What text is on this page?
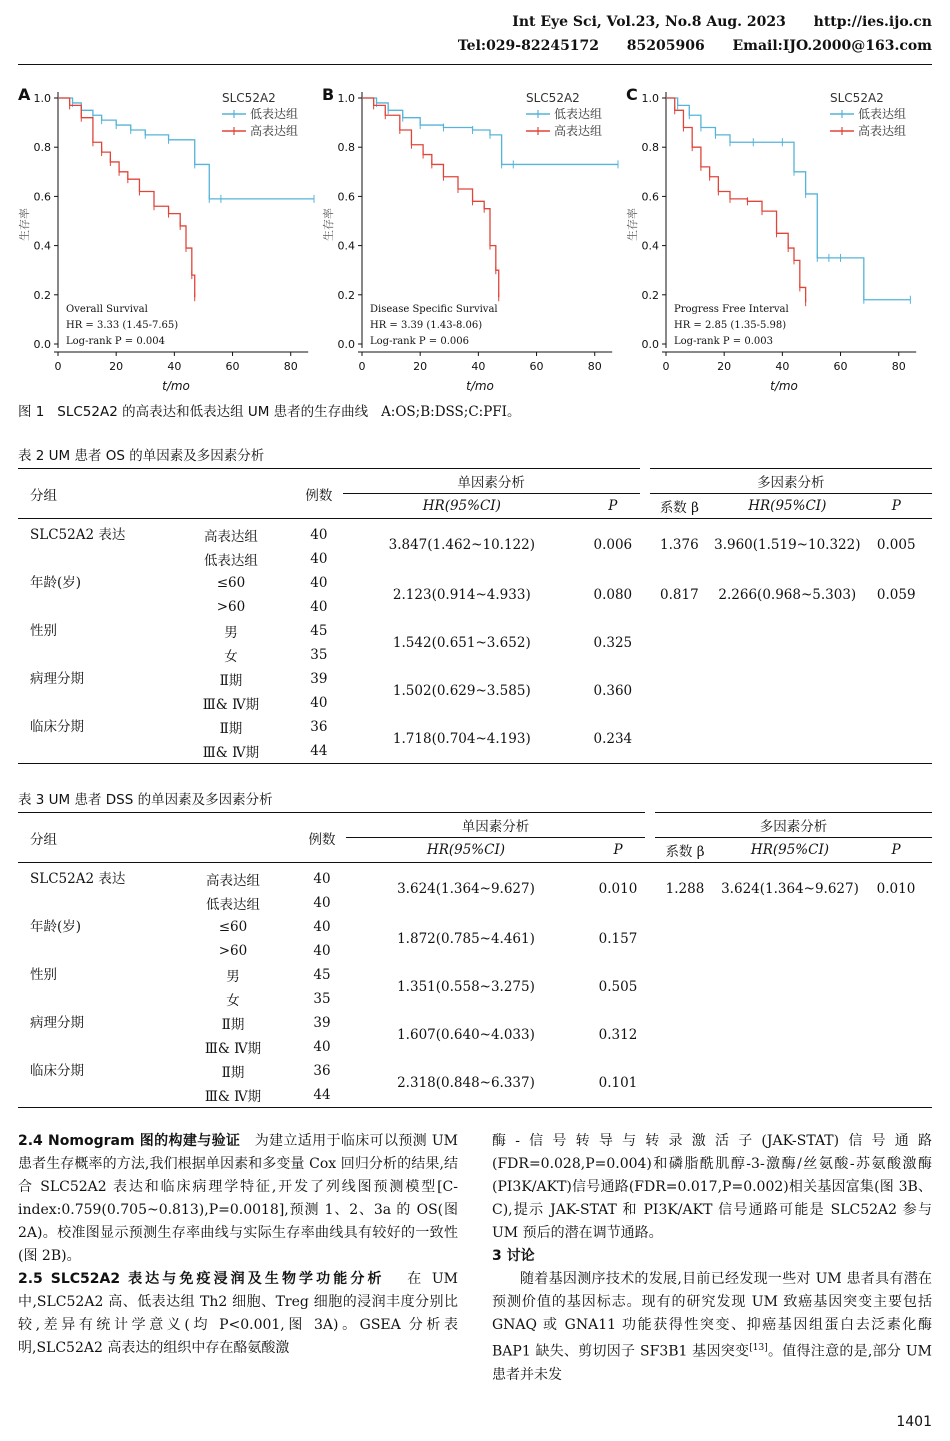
Int Eye Sci, Vol.23, No.8 Aug. 2023 http://ies.ijo.cn
Tel:029-82245172 85205906 Email:IJO.2000@163.com
A
0.0
0.2
0.4
0.6
0.8
1.0
0	20	40	60	80
t/mo
生存率
SLC52A2
低表达组
高表达组
Overall Survival
HR = 3.33 (1.45-7.65)
Log-rank P = 0.004
B
0.0
0.2
0.4
0.6
0.8
1.0
0	20	40	60	80
t/mo
生存率
SLC52A2
低表达组
高表达组
Disease Specific Survival
HR = 3.39 (1.43-8.06)
Log-rank P = 0.006
C
0.0
0.2
0.4
0.6
0.8
1.0
0	20	40	60	80
t/mo
生存率
SLC52A2
低表达组
高表达组
Progress Free Interval
HR = 2.85 (1.35-5.98)
Log-rank P = 0.003
图 1 SLC52A2 的高表达和低表达组 UM 患者的生存曲线 A:OS;B:DSS;C:PFI。
表 2 UM 患者 OS 的单因素及多因素分析
分组		例数	单因素分析		多因素分析		
			HR(95%CI)	P	系数 β	HR(95%CI)	P
SLC52A2 表达	高表达组	40	3.847(1.462~10.122)	0.006	1.376	3.960(1.519~10.322)	0.005
	低表达组	40					
年龄(岁)	≤60	40	2.123(0.914~4.933)	0.080	0.817	2.266(0.968~5.303)	0.059
	>60	40					
性别	男	45	1.542(0.651~3.652)	0.325			
	女	35					
病理分期	Ⅱ期	39	1.502(0.629~3.585)	0.360			
	Ⅲ& Ⅳ期	40					
临床分期	Ⅱ期	36	1.718(0.704~4.193)	0.234			
	Ⅲ& Ⅳ期	44					
表 3 UM 患者 DSS 的单因素及多因素分析
分组		例数	单因素分析		多因素分析		
			HR(95%CI)	P	系数 β	HR(95%CI)	P
SLC52A2 表达	高表达组	40	3.624(1.364~9.627)	0.010	1.288	3.624(1.364~9.627)	0.010
	低表达组	40					
年龄(岁)	≤60	40	1.872(0.785~4.461)	0.157			
	>60	40					
性别	男	45	1.351(0.558~3.275)	0.505			
	女	35					
病理分期	Ⅱ期	39	1.607(0.640~4.033)	0.312			
	Ⅲ& Ⅳ期	40					
临床分期	Ⅱ期	36	2.318(0.848~6.337)	0.101			
	Ⅲ& Ⅳ期	44					
2.4 Nomogram 图的构建与验证 为建立适用于临床可以预测 UM 患者生存概率的方法,我们根据单因素和多变量 Cox 回归分析的结果,结合 SLC52A2 表达和临床病理学特征,开发了列线图预测模型[C-index:0.759(0.705~0.813),P=0.0018],预测 1、2、3a 的 OS(图 2A)。校准图显示预测生存率曲线与实际生存率曲线具有较好的一致性(图 2B)。
2.5 SLC52A2 表达与免疫浸润及生物学功能分析 在 UM 中,SLC52A2 高、低表达组 Th2 细胞、Treg 细胞的浸润丰度分别比较,差异有统计学意义(均 P<0.001,图 3A)。GSEA 分析表明,SLC52A2 高表达的组织中存在酪氨酸激
酶-信号转导与转录激活子(JAK-STAT)信号通路(FDR=0.028,P=0.004)和磷脂酰肌醇-3-激酶/丝氨酸-苏氨酸激酶(PI3K/AKT)信号通路(FDR=0.017,P=0.002)相关基因富集(图 3B、C),提示 JAK-STAT 和 PI3K/AKT 信号通路可能是 SLC52A2 参与 UM 预后的潜在调节通路。
3 讨论
随着基因测序技术的发展,目前已经发现一些对 UM 患者具有潜在预测价值的基因标志。现有的研究发现 UM 致癌基因突变主要包括 GNAQ 或 GNA11 功能获得性突变、抑癌基因组蛋白去泛素化酶 BAP1 缺失、剪切因子 SF3B1 基因突变[13]。值得注意的是,部分 UM 患者并未发
1401
